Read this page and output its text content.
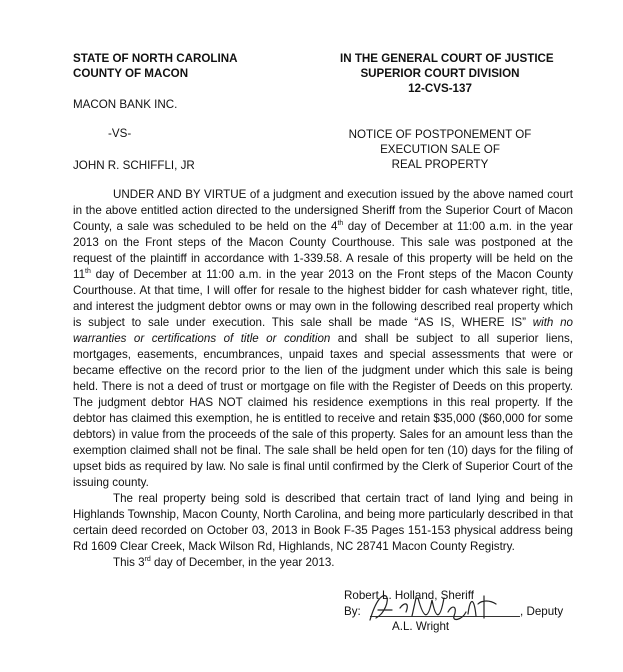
STATE OF NORTH CAROLINA
COUNTY OF MACON
IN THE GENERAL COURT OF JUSTICE
SUPERIOR COURT DIVISION
12-CVS-137
MACON BANK INC.
-VS-
JOHN R. SCHIFFLI, JR
NOTICE OF POSTPONEMENT OF
EXECUTION SALE OF
REAL PROPERTY

UNDER AND BY VIRTUE of a judgment and execution issued by the above named court in the above entitled action directed to the undersigned Sheriff from the Superior Court of Macon County, a sale was scheduled to be held on the 4th day of December at 11:00 a.m. in the year 2013 on the Front steps of the Macon County Courthouse. This sale was postponed at the request of the plaintiff in accordance with 1-339.58. A resale of this property will be held on the 11th day of December at 11:00 a.m. in the year 2013 on the Front steps of the Macon County Courthouse. At that time, I will offer for resale to the highest bidder for cash whatever right, title, and interest the judgment debtor owns or may own in the following described real property which is subject to sale under execution. This sale shall be made “AS IS, WHERE IS” with no warranties or certifications of title or condition and shall be subject to all superior liens, mortgages, easements, encumbrances, unpaid taxes and special assessments that were or became effective on the record prior to the lien of the judgment under which this sale is being held. There is not a deed of trust or mortgage on file with the Register of Deeds on this property. The judgment debtor HAS NOT claimed his residence exemptions in this real property. If the debtor has claimed this exemption, he is entitled to receive and retain $35,000 ($60,000 for some debtors) in value from the proceeds of the sale of this property. Sales for an amount less than the exemption claimed shall not be final. The sale shall be held open for ten (10) days for the filing of upset bids as required by law. No sale is final until confirmed by the Clerk of Superior Court of the issuing county.

The real property being sold is described that certain tract of land lying and being in Highlands Township, Macon County, North Carolina, and being more particularly described in that certain deed recorded on October 03, 2013 in Book F-35 Pages 151-153 physical address being Rd 1609 Clear Creek, Mack Wilson Rd, Highlands, NC 28741 Macon County Registry.

This 3rd day of December, in the year 2013.

Robert L. Holland, Sheriff
By:	, Deputy
A.L. Wright
